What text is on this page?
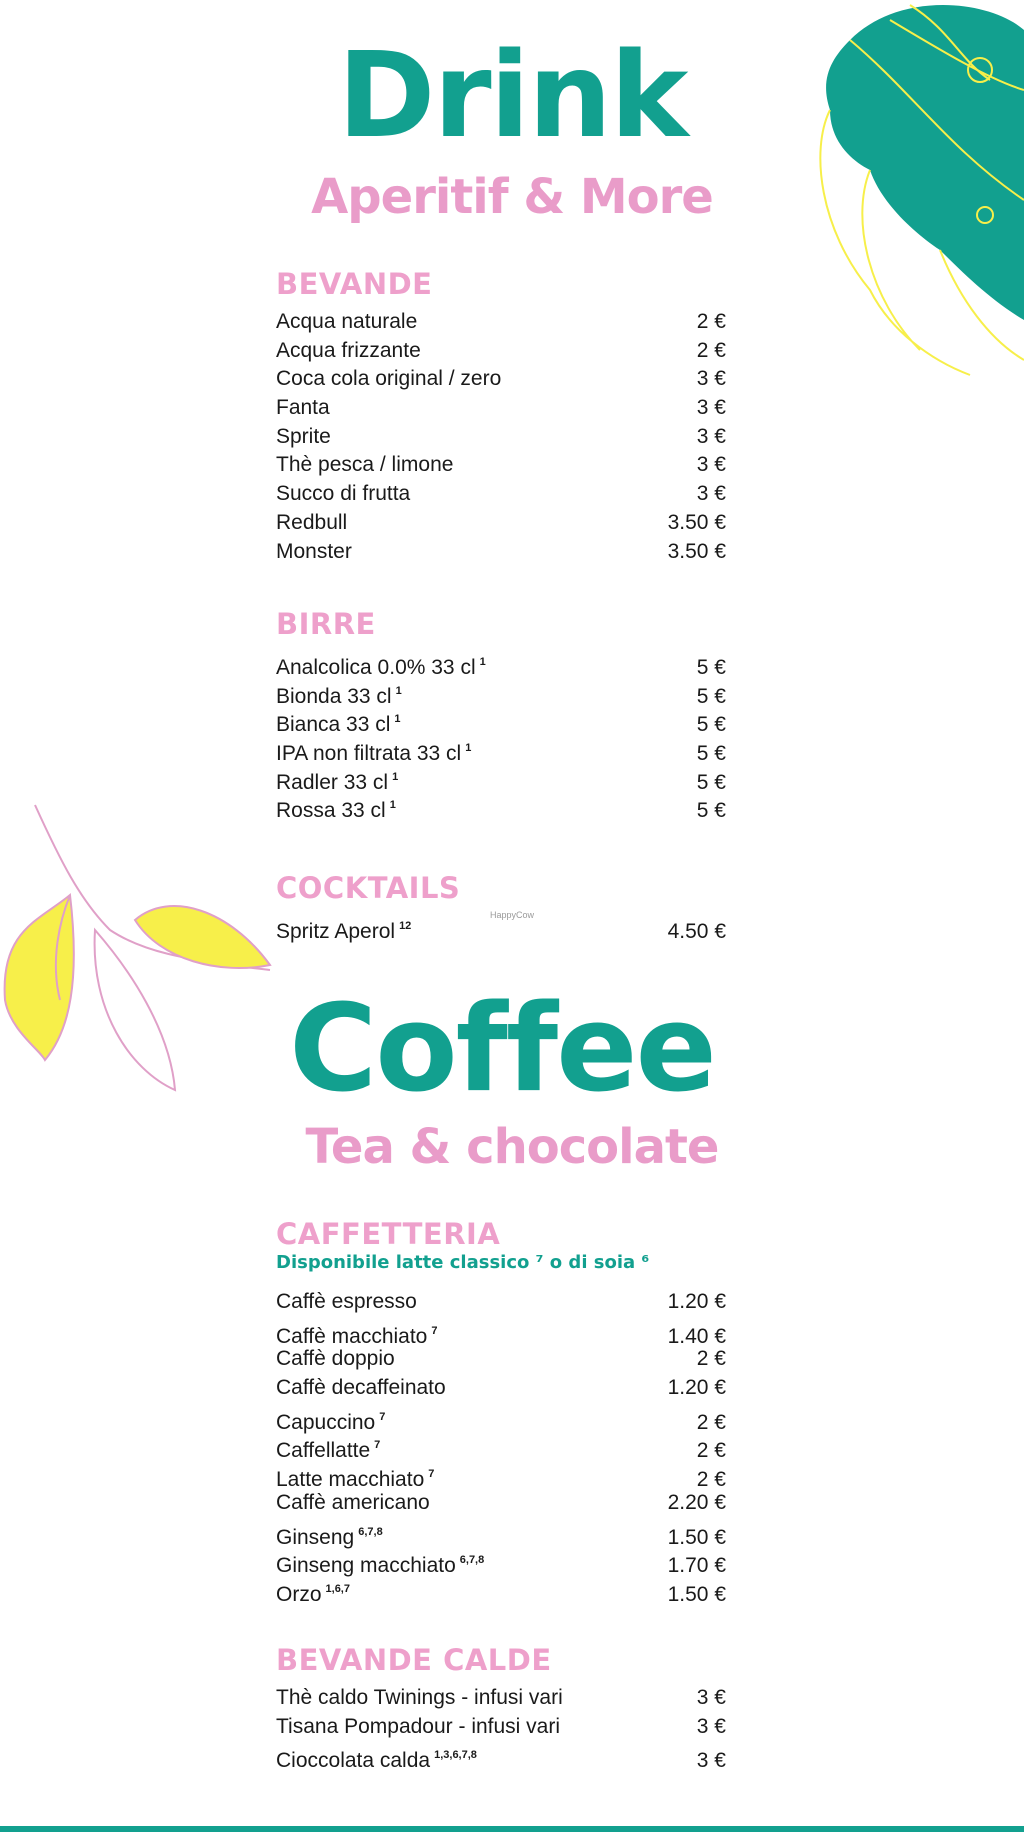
Drink
Aperitif & More
BEVANDE
Acqua naturale	2 €
Acqua frizzante	2 €
Coca cola original / zero	3 €
Fanta	3 €
Sprite	3 €
Thè pesca / limone	3 €
Succo di frutta	3 €
Redbull	3.50 €
Monster	3.50 €
BIRRE
Analcolica 0.0% 33 cl $^1$	5 €
Bionda 33 cl $^1$	5 €
Bianca 33 cl $^1$	5 €
IPA non filtrata 33 cl $^1$	5 €
Radler 33 cl $^1$	5 €
Rossa 33 cl $^1$	5 €
COCKTAILS
Spritz Aperol $^{12}$	4.50 €
HappyCow
Coffee
Tea & chocolate
CAFFETTERIA
Disponibile latte classico ⁷ o di soia ⁶
Caffè espresso	1.20 €
Caffè macchiato $^7$	1.40 €
Caffè doppio	2 €
Caffè decaffeinato	1.20 €
Capuccino $^7$	2 €
Caffellatte $^7$	2 €
Latte macchiato $^7$	2 €
Caffè americano	2.20 €
Ginseng $^{6,7,8}$	1.50 €
Ginseng macchiato $^{6,7,8}$	1.70 €
Orzo $^{1,6,7}$	1.50 €
BEVANDE CALDE
Thè caldo Twinings - infusi vari	3 €
Tisana Pompadour - infusi vari	3 €
Cioccolata calda $^{1,3,6,7,8}$	3 €
